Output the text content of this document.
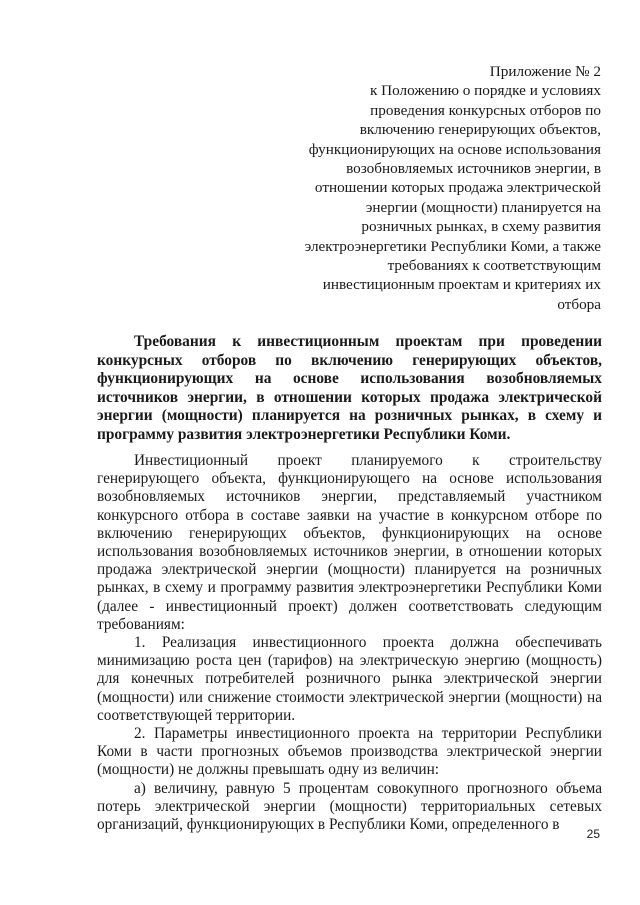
Приложение № 2
к Положению о порядке и условиях проведения конкурсных отборов по включению генерирующих объектов, функционирующих на основе использования возобновляемых источников энергии, в отношении которых продажа электрической энергии (мощности) планируется на розничных рынках, в схему развития электроэнергетики Республики Коми, а также требованиях к соответствующим инвестиционным проектам и критериях их отбора
Требования к инвестиционным проектам при проведении конкурсных отборов по включению генерирующих объектов, функционирующих на основе использования возобновляемых источников энергии, в отношении которых продажа электрической энергии (мощности) планируется на розничных рынках, в схему и программу развития электроэнергетики Республики Коми.

Инвестиционный проект планируемого к строительству генерирующего объекта, функционирующего на основе использования возобновляемых источников энергии, представляемый участником конкурсного отбора в составе заявки на участие в конкурсном отборе по включению генерирующих объектов, функционирующих на основе использования возобновляемых источников энергии, в отношении которых продажа электрической энергии (мощности) планируется на розничных рынках, в схему и программу развития электроэнергетики Республики Коми (далее - инвестиционный проект) должен соответствовать следующим требованиям:

1. Реализация инвестиционного проекта должна обеспечивать минимизацию роста цен (тарифов) на электрическую энергию (мощность) для конечных потребителей розничного рынка электрической энергии (мощности) или снижение стоимости электрической энергии (мощности) на соответствующей территории.

2. Параметры инвестиционного проекта на территории Республики Коми в части прогнозных объемов производства электрической энергии (мощности) не должны превышать одну из величин:

а) величину, равную 5 процентам совокупного прогнозного объема потерь электрической энергии (мощности) территориальных сетевых организаций, функционирующих в Республики Коми, определенного в

25
